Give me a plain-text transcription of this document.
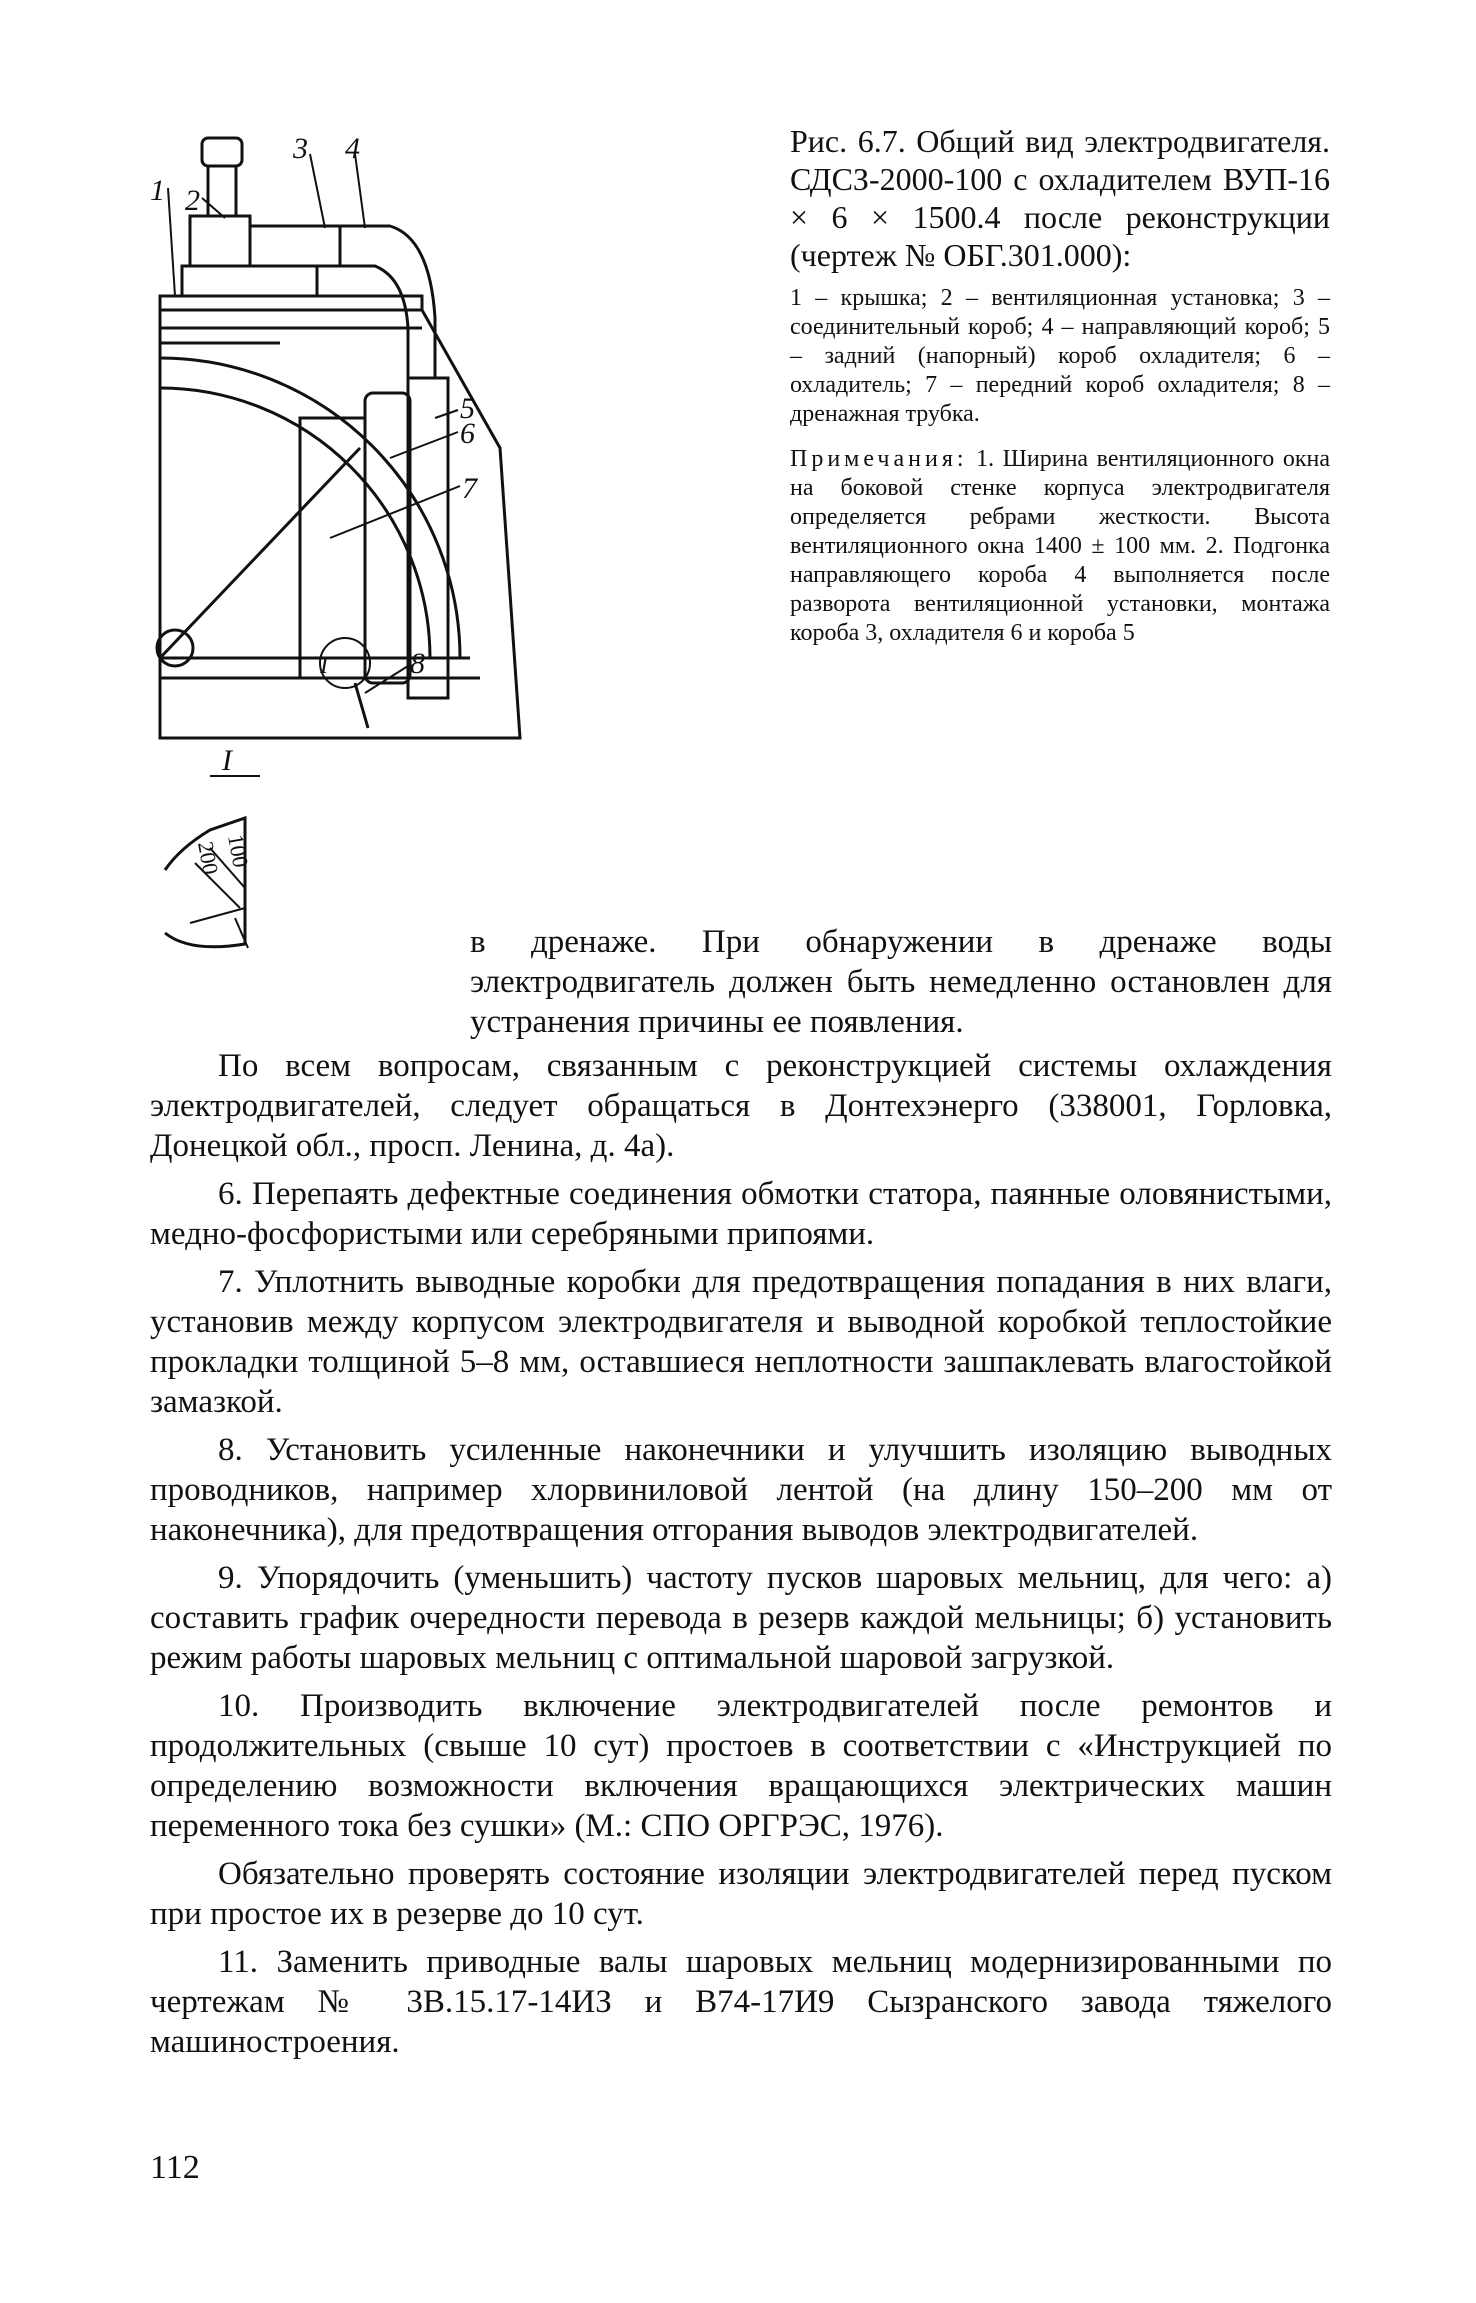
1 2
3 4
5
6
7
8
I
I
200 100

Рис. 6.7. Общий вид электродвигателя. СДСЗ-2000-100 с охладителем ВУП-16 × 6 × 1500.4 после реконструкции (чертеж № ОБГ.301.000):

1 – крышка; 2 – вентиляционная установка; 3 – соединительный короб; 4 – направляющий короб; 5 – задний (напорный) короб охладителя; 6 – охладитель; 7 – передний короб охладителя; 8 – дренажная трубка.

Примечания: 1. Ширина вентиляционного окна на боковой стенке корпуса электродвигателя определяется ребрами жесткости. Высота вентиляционного окна 1400 ± 100 мм. 2. Подгонка направляющего короба 4 выполняется после разворота вентиляционной установки, монтажа короба 3, охладителя 6 и короба 5

в дренаже. При обнаружении в дренаже воды электродвигатель должен быть немедленно остановлен для устранения причины ее появления.

По всем вопросам, связанным с реконструкцией системы охлаждения электродвигателей, следует обращаться в Донтехэнерго (338001, Горловка, Донецкой обл., просп. Ленина, д. 4а).

6. Перепаять дефектные соединения обмотки статора, паянные оловянистыми, медно-фосфористыми или серебряными припоями.

7. Уплотнить выводные коробки для предотвращения попадания в них влаги, установив между корпусом электродвигателя и выводной коробкой теплостойкие прокладки толщиной 5–8 мм, оставшиеся неплотности зашпаклевать влагостойкой замазкой.

8. Установить усиленные наконечники и улучшить изоляцию выводных проводников, например хлорвиниловой лентой (на длину 150–200 мм от наконечника), для предотвращения отгорания выводов электродвигателей.

9. Упорядочить (уменьшить) частоту пусков шаровых мельниц, для чего: а) составить график очередности перевода в резерв каждой мельницы; б) установить режим работы шаровых мельниц с оптимальной шаровой загрузкой.

10. Производить включение электродвигателей после ремонтов и продолжительных (свыше 10 сут) простоев в соответствии с «Инструкцией по определению возможности включения вращающихся электрических машин переменного тока без сушки» (М.: СПО ОРГРЭС, 1976).

Обязательно проверять состояние изоляции электродвигателей перед пуском при простое их в резерве до 10 сут.

11. Заменить приводные валы шаровых мельниц модернизированными по чертежам № 3В.15.17-14ИЗ и В74-17И9 Сызранского завода тяжелого машиностроения.

112
